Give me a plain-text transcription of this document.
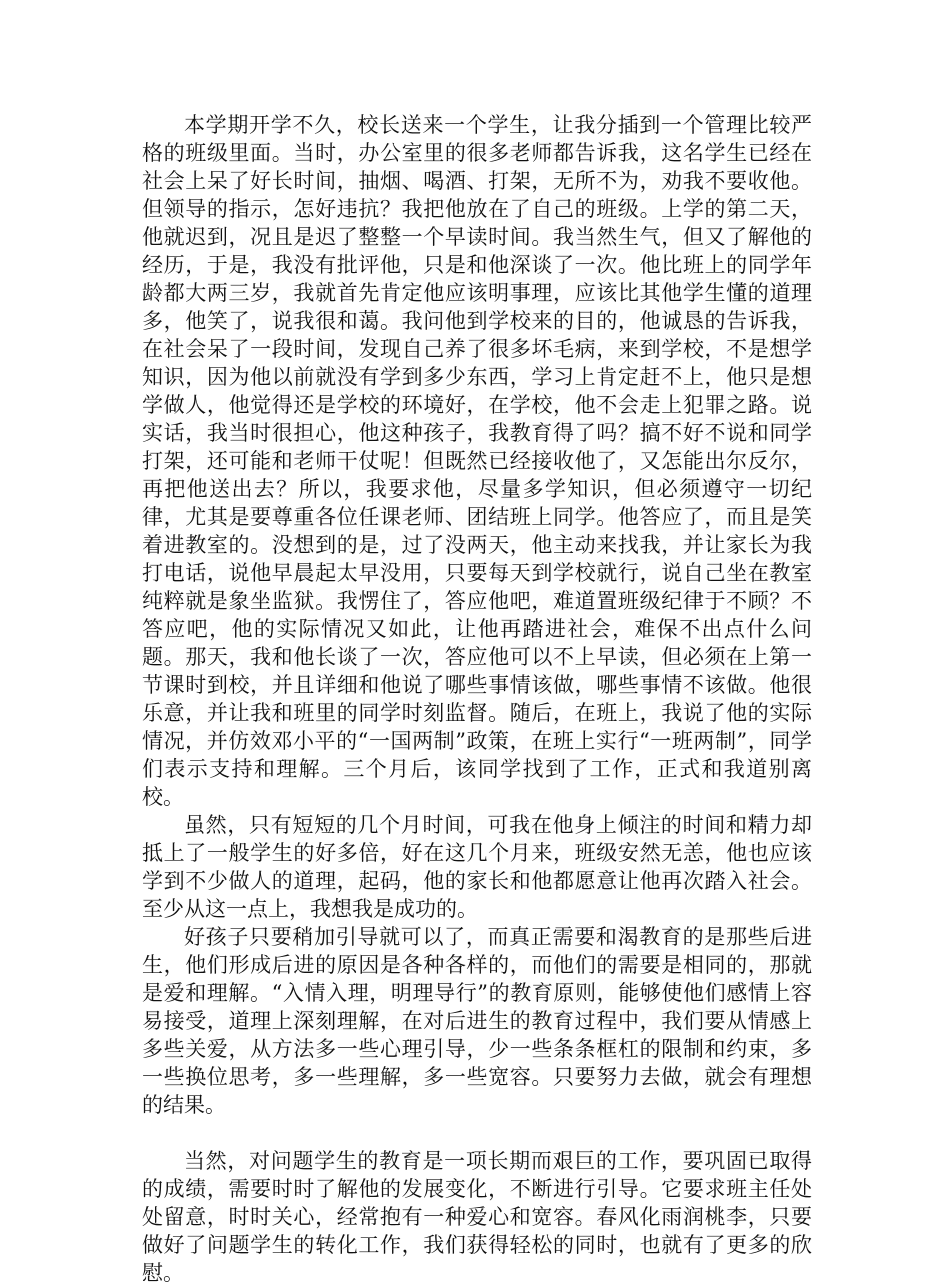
本学期开学不久，校长送来一个学生，让我分插到一个管理比较严格的班级里面。当时，办公室里的很多老师都告诉我，这名学生已经在社会上呆了好长时间，抽烟、喝酒、打架，无所不为，劝我不要收他。但领导的指示，怎好违抗？我把他放在了自己的班级。上学的第二天，他就迟到，况且是迟了整整一个早读时间。我当然生气，但又了解他的经历，于是，我没有批评他，只是和他深谈了一次。他比班上的同学年龄都大两三岁，我就首先肯定他应该明事理，应该比其他学生懂的道理多，他笑了，说我很和蔼。我问他到学校来的目的，他诚恳的告诉我，在社会呆了一段时间，发现自己养了很多坏毛病，来到学校，不是想学知识，因为他以前就没有学到多少东西，学习上肯定赶不上，他只是想学做人，他觉得还是学校的环境好，在学校，他不会走上犯罪之路。说实话，我当时很担心，他这种孩子，我教育得了吗？搞不好不说和同学打架，还可能和老师干仗呢！但既然已经接收他了，又怎能出尔反尔，再把他送出去？所以，我要求他，尽量多学知识，但必须遵守一切纪律，尤其是要尊重各位任课老师、团结班上同学。他答应了，而且是笑着进教室的。没想到的是，过了没两天，他主动来找我，并让家长为我打电话，说他早晨起太早没用，只要每天到学校就行，说自己坐在教室纯粹就是象坐监狱。我愣住了，答应他吧，难道置班级纪律于不顾？不答应吧，他的实际情况又如此，让他再踏进社会，难保不出点什么问题。那天，我和他长谈了一次，答应他可以不上早读，但必须在上第一节课时到校，并且详细和他说了哪些事情该做，哪些事情不该做。他很乐意，并让我和班里的同学时刻监督。随后，在班上，我说了他的实际情况，并仿效邓小平的“一国两制”政策，在班上实行“一班两制”，同学们表示支持和理解。三个月后，该同学找到了工作，正式和我道别离校。

虽然，只有短短的几个月时间，可我在他身上倾注的时间和精力却抵上了一般学生的好多倍，好在这几个月来，班级安然无恙，他也应该学到不少做人的道理，起码，他的家长和他都愿意让他再次踏入社会。至少从这一点上，我想我是成功的。

好孩子只要稍加引导就可以了，而真正需要和渴教育的是那些后进生，他们形成后进的原因是各种各样的，而他们的需要是相同的，那就是爱和理解。“入情入理，明理导行”的教育原则，能够使他们感情上容易接受，道理上深刻理解，在对后进生的教育过程中，我们要从情感上多些关爱，从方法多一些心理引导，少一些条条框杠的限制和约束，多一些换位思考，多一些理解，多一些宽容。只要努力去做，就会有理想的结果。

当然，对问题学生的教育是一项长期而艰巨的工作，要巩固已取得的成绩，需要时时了解他的发展变化，不断进行引导。它要求班主任处处留意，时时关心，经常抱有一种爱心和宽容。春风化雨润桃李，只要做好了问题学生的转化工作，我们获得轻松的同时，也就有了更多的欣慰。
